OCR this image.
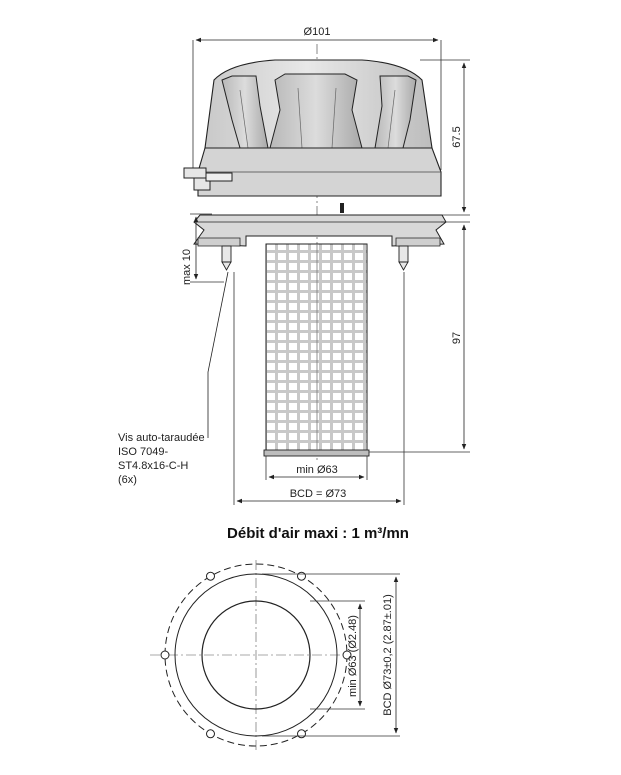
Ø101
67.5
97
max 10
Vis auto-taraudée
ISO 7049-
ST4.8x16-C-H
(6x)
min Ø63
BCD = Ø73
Débit d'air maxi : 1 m³/mn
min Ø63 (Ø2.48) BCD Ø73±0,2 (2.87±.01)
